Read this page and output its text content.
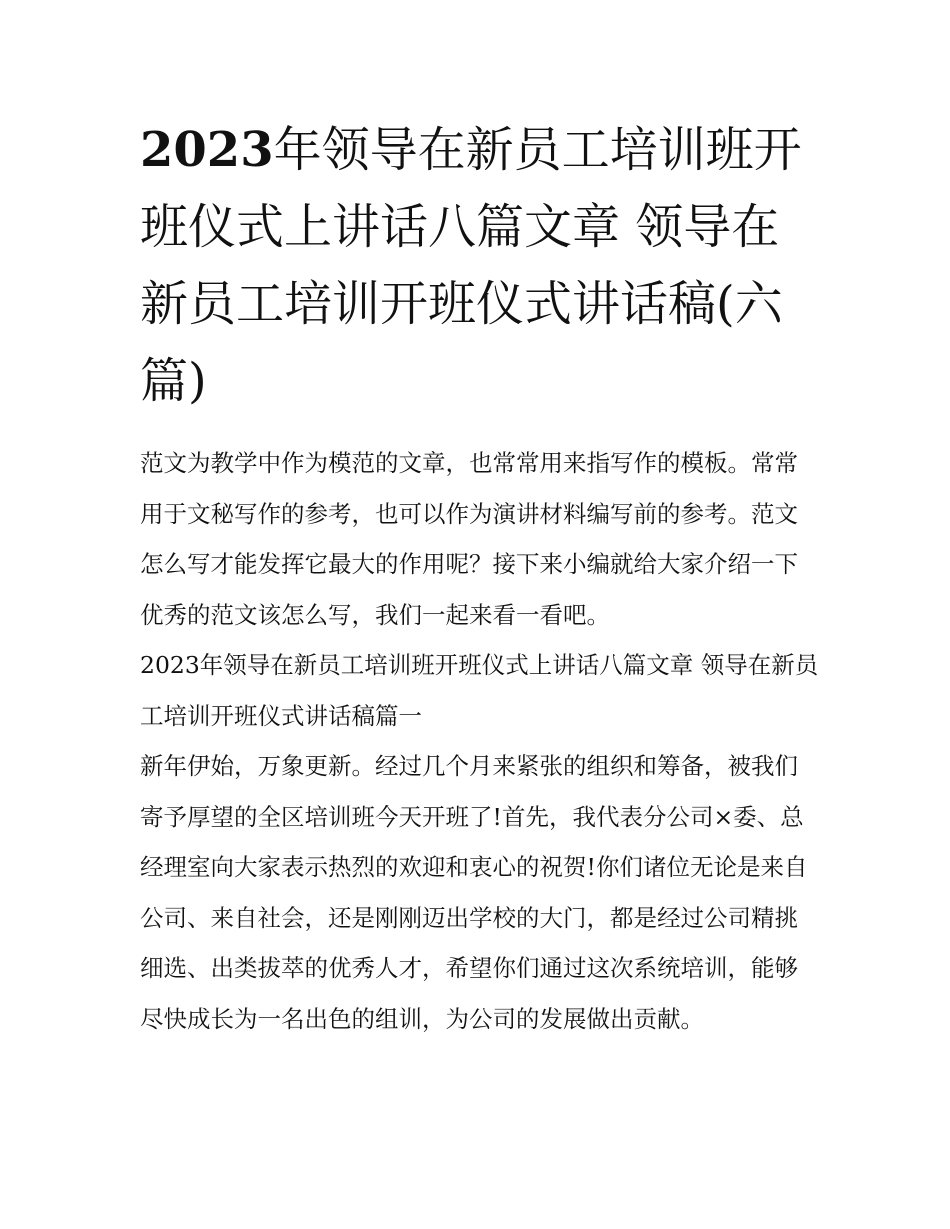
2023年领导在新员工培训班开班仪式上讲话八篇文章 领导在新员工培训开班仪式讲话稿(六篇)

范文为教学中作为模范的文章，也常常用来指写作的模板。常常用于文秘写作的参考，也可以作为演讲材料编写前的参考。范文怎么写才能发挥它最大的作用呢？接下来小编就给大家介绍一下优秀的范文该怎么写，我们一起来看一看吧。

2023年领导在新员工培训班开班仪式上讲话八篇文章 领导在新员工培训开班仪式讲话稿篇一

新年伊始，万象更新。经过几个月来紧张的组织和筹备，被我们寄予厚望的全区培训班今天开班了!首先，我代表分公司×委、总经理室向大家表示热烈的欢迎和衷心的祝贺!你们诸位无论是来自公司、来自社会，还是刚刚迈出学校的大门，都是经过公司精挑细选、出类拔萃的优秀人才，希望你们通过这次系统培训，能够尽快成长为一名出色的组训，为公司的发展做出贡献。
